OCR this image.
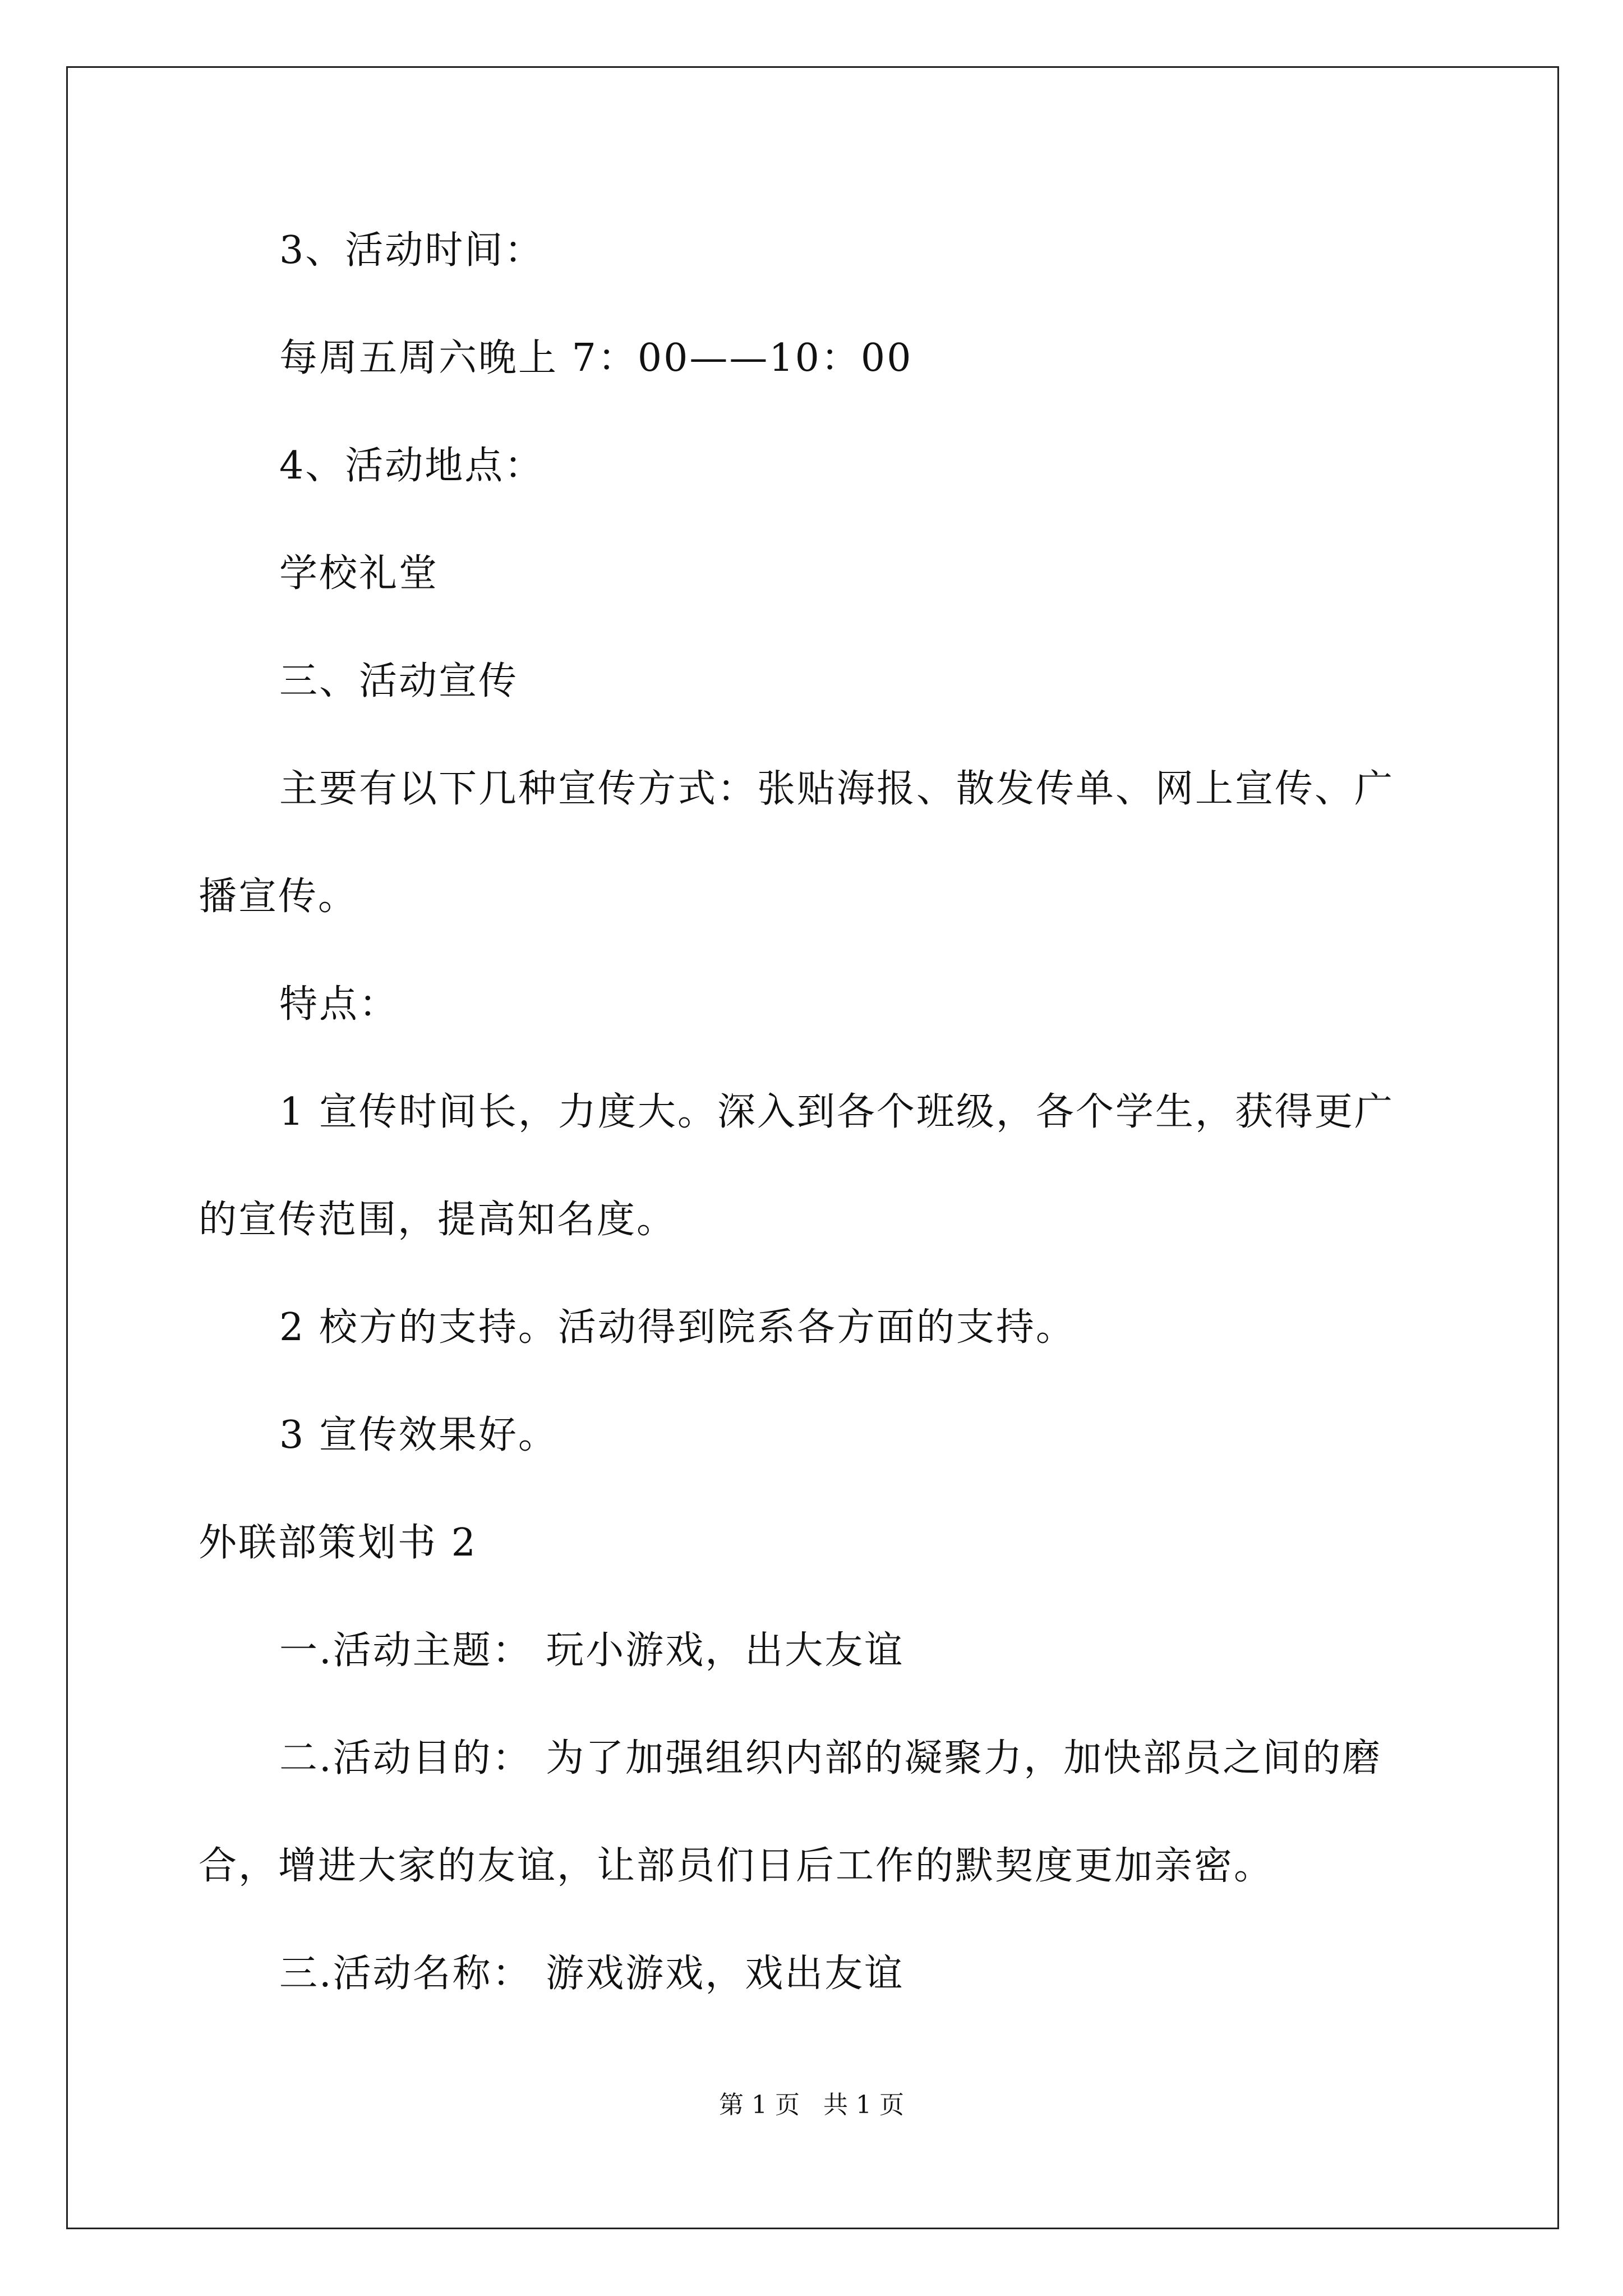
3、活动时间：
每周五周六晚上 7：00——10：00
4、活动地点：
学校礼堂
三、活动宣传
主要有以下几种宣传方式：张贴海报、散发传单、网上宣传、广
播宣传。
特点：
1 宣传时间长，力度大。深入到各个班级，各个学生，获得更广
的宣传范围，提高知名度。
2 校方的支持。活动得到院系各方面的支持。
3 宣传效果好。
外联部策划书 2
一.活动主题： 玩小游戏，出大友谊
二.活动目的： 为了加强组织内部的凝聚力，加快部员之间的磨
合，增进大家的友谊，让部员们日后工作的默契度更加亲密。
三.活动名称： 游戏游戏，戏出友谊
第 1 页 共 1 页
